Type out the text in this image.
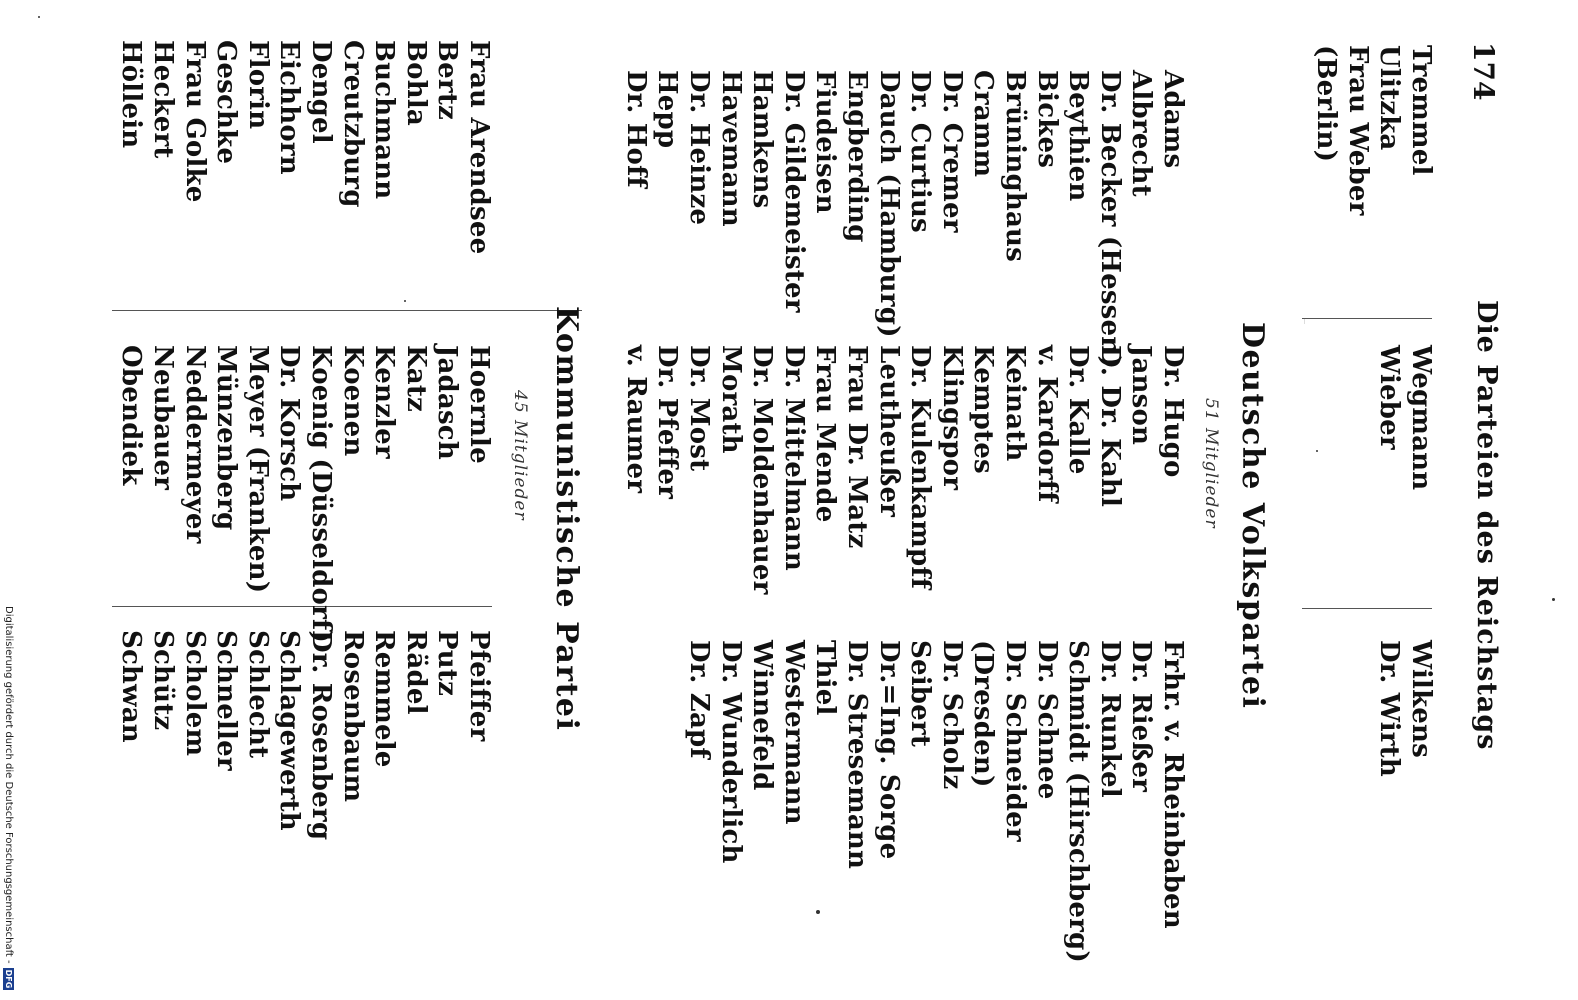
174
Die Parteien des Reichstags
Tremmel
Ulitzka
Frau Weber
(Berlin)
Wegmann
Wieber
Wilkens
Dr. Wirth
Deutsche Volkspartei
51 Mitglieder
Adams
Albrecht
Dr. Becker (Hessen)
Beythien
Bickes
Brüninghaus
Cramm
Dr. Cremer
Dr. Curtius
Dauch (Hamburg)
Engberding
Fiudeisen
Dr. Gildemeister
Hamkens
Havemann
Dr. Heinze
Hepp
Dr. Hoff
Dr. Hugo
Janson
D. Dr. Kahl
Dr. Kalle
v. Kardorff
Keinath
Kemptes
Klingspor
Dr. Kulenkampff
Leutheußer
Frau Dr. Matz
Frau Mende
Dr. Mittelmann
Dr. Moldenhauer
Morath
Dr. Most
Dr. Pfeffer
v. Raumer
Frhr. v. Rheinbaben
Dr. Rießer
Dr. Runkel
Schmidt (Hirschberg)
Dr. Schnee
Dr. Schneider
(Dresden)
Dr. Scholz
Seibert
Dr.=Ing. Sorge
Dr. Stresemann
Thiel
Westermann
Winnefeld
Dr. Wunderlich
Dr. Zapf
Kommunistische Partei
45 Mitglieder
Frau Arendsee
Bertz
Bohla
Buchmann
Creutzburg
Dengel
Eichhorn
Florin
Geschke
Frau Golke
Heckert
Höllein
Hoernle
Jadasch
Katz
Kenzler
Koenen
Koenig (Düsseldorf)
Dr. Korsch
Meyer (Franken)
Münzenberg
Neddermeyer
Neubauer
Obendiek
Pfeiffer
Putz
Rädel
Remmele
Rosenbaum
Dr. Rosenberg
Schlagewerth
Schlecht
Schneller
Scholem
Schütz
Schwan
Digitalisierung gefördert durch die Deutsche Forschungsgemeinschaft -
DFG
